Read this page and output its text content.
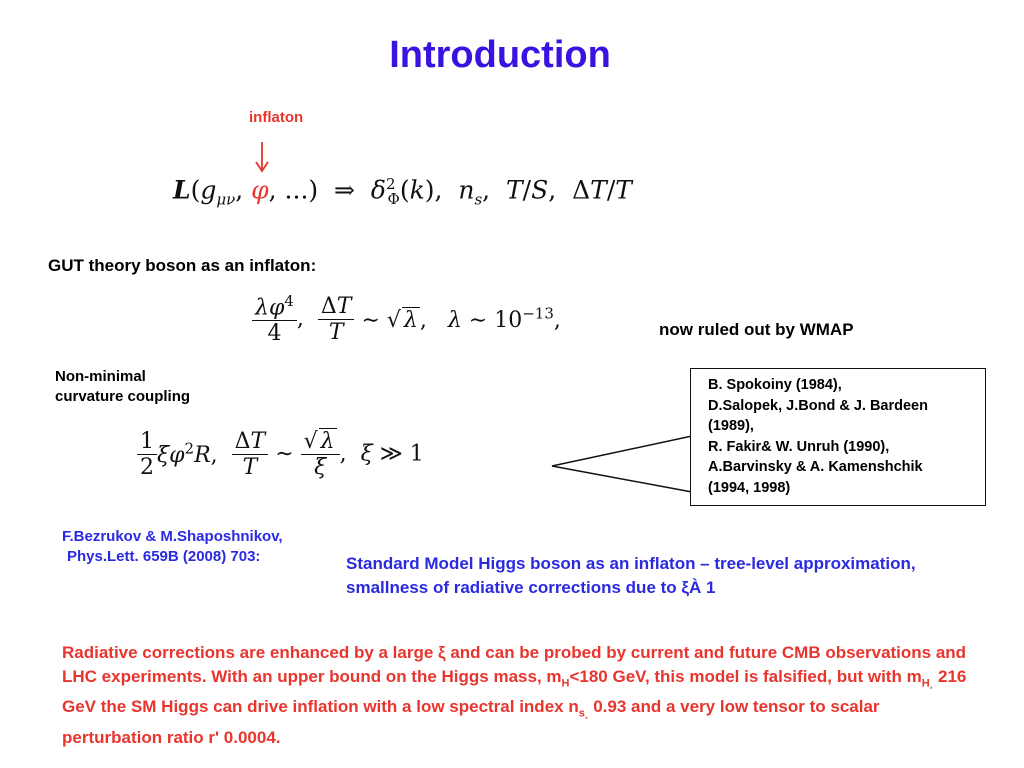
Introduction
inflaton
$L(g_{\mu\nu}$, φ, ...)  ⇒  $\delta^2_\Phi(k)$,  $n_s$,  T/S,  ΔT/T
GUT theory boson as an inflaton:
$\frac{\lambda\varphi^4}{4}$ , $\frac{\Delta T}{T}$ ∼ √ λ,   λ ∼ $10^{-13}$,	now ruled out by WMAP
Non-minimal
curvature coupling
$\frac{1}{2} \xi\varphi^2R$, $\frac{\Delta T}{T}$ ∼ $\frac{√ \lambda}{\xi}$ ,  ξ ≫ 1
B. Spokoiny (1984),
D.Salopek, J.Bond & J. Bardeen
(1989),
R. Fakir& W. Unruh (1990),
A.Barvinsky & A. Kamenshchik
(1994, 1998)
F.Bezrukov & M.Shaposhnikov,
Phys.Lett. 659B (2008) 703:	Standard Model Higgs boson as an inflaton – tree-level approximation, smallness of radiative corrections due to ξÀ 1
Radiative corrections are enhanced by a large ξ and can be probed by current and future CMB observations and LHC experiments. With an upper bound on the Higgs mass, $m_H<180$ GeV, this model is falsified, but with $m_{H¸}$ 216 GeV the SM Higgs can drive inflation with a low spectral index $n_{s¸}$ 0.93 and a very low tensor to scalar perturbation ratio r' 0.0004.
